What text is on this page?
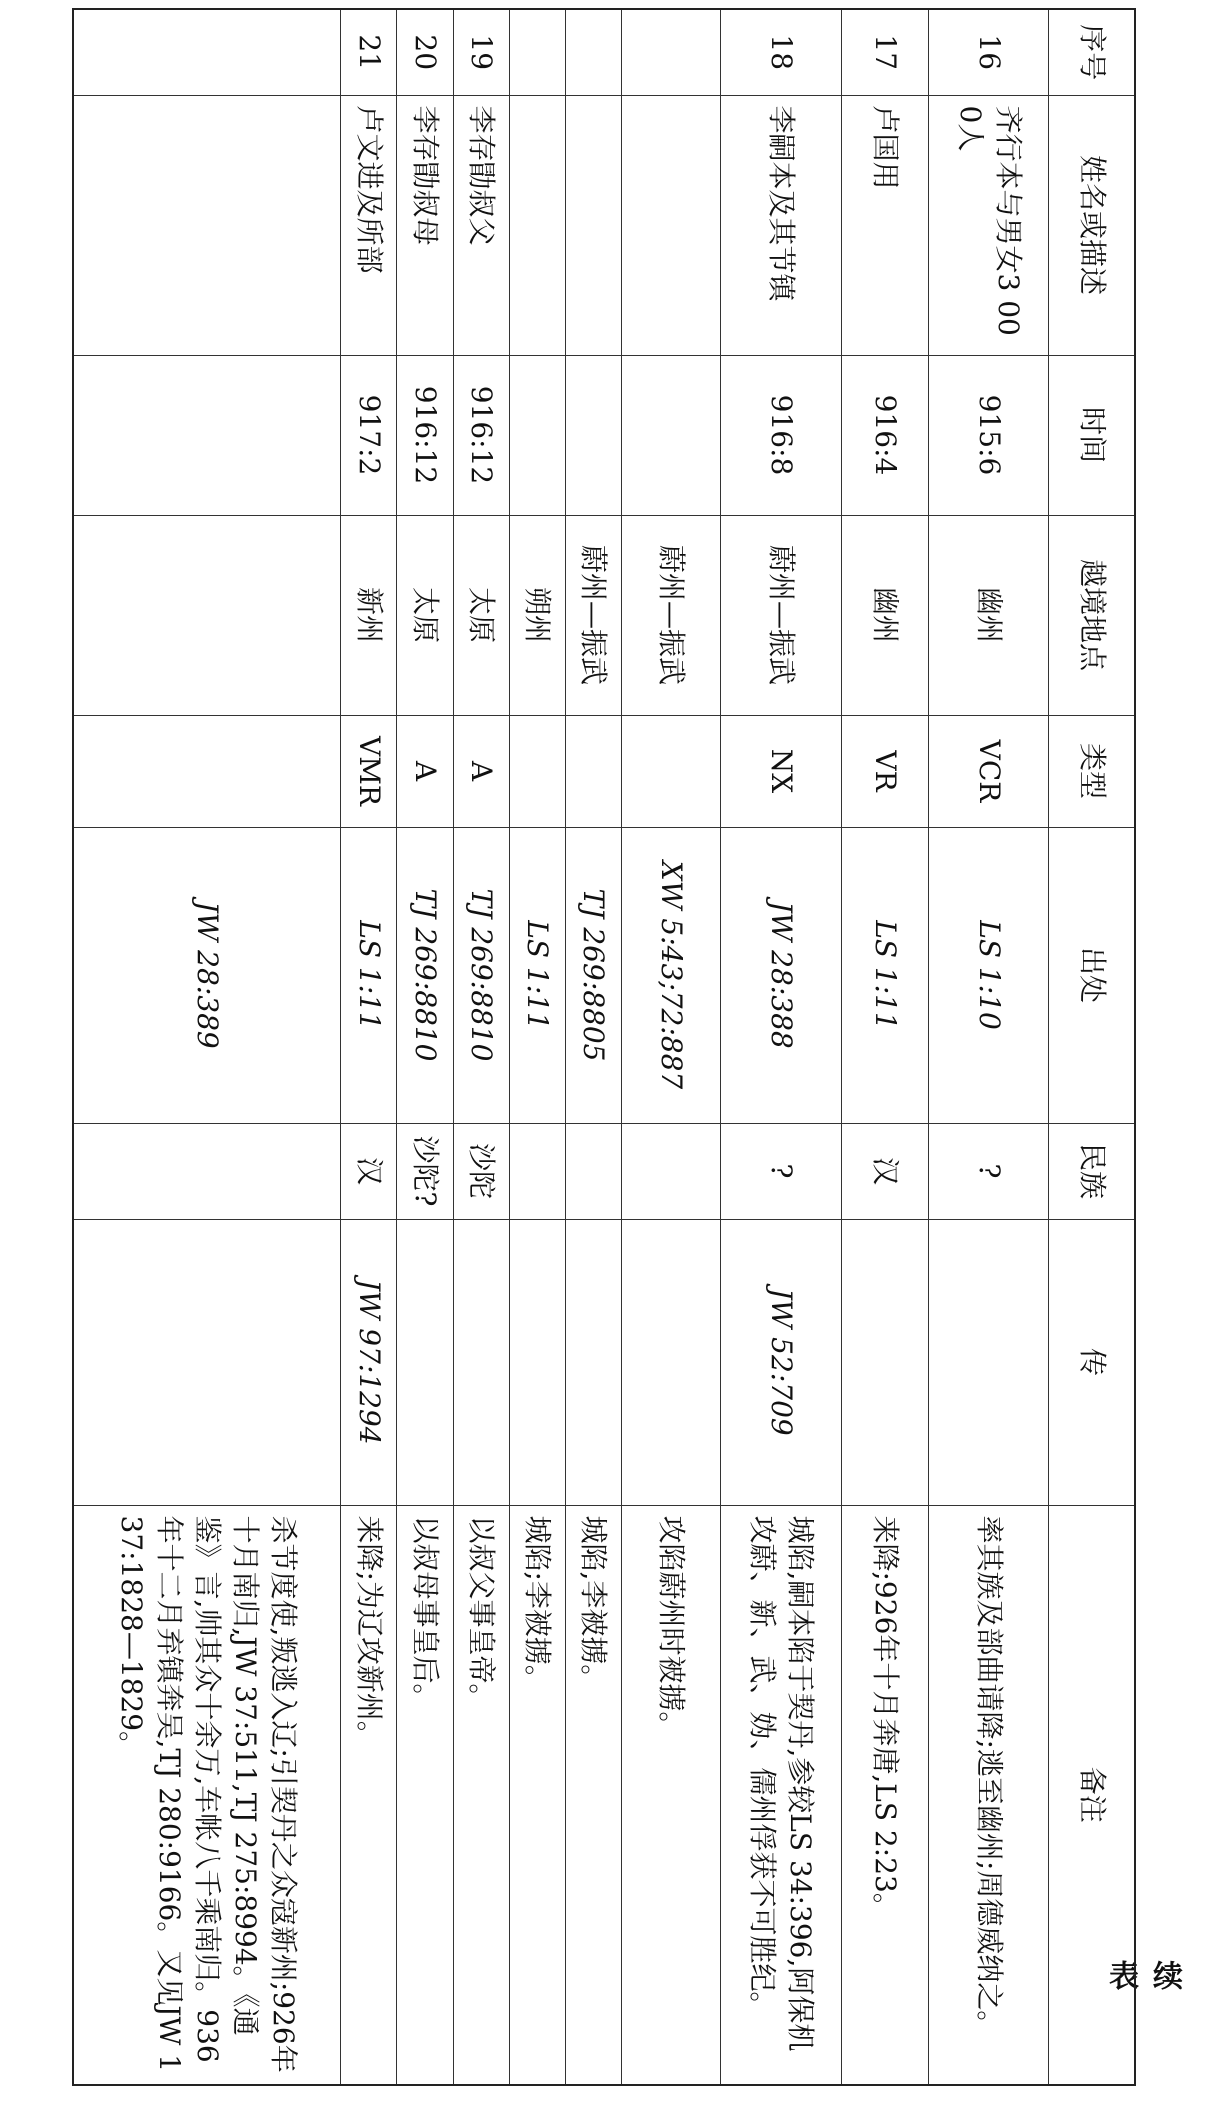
续 表
序号	姓名或描述	时间	越境地点	类型	出处	民族	传	备注
16	齐行本与男女3 000人	915:6	幽州	VCR	LS 1:10	?		率其族及部曲请降;逃至幽州;周德威纳之。
17	卢国用	916:4	幽州	VR	LS 1:11	汉		来降;926年十月奔唐,LS 2:23。
18	李嗣本及其节镇	916:8	蔚州—振武	NX	JW 28:388	?	JW 52:709	城陷,嗣本陷于契丹,参较LS 34:396,阿保机攻蔚、新、武、妫、儒州俘获不可胜纪。
			蔚州—振武		XW 5:43;72:887			攻陷蔚州时被掳。
			蔚州—振武		TJ 269:8805			城陷,李被掳。
			朔州		LS 1:11			城陷;李被掳。
19	李存勖叔父	916:12	太原	A	TJ 269:8810	沙陀		以叔父事皇帝。
20	李存勖叔母	916:12	太原	A	TJ 269:8810	沙陀?		以叔母事皇后。
21	卢文进及所部	917:2	新州	VMR	LS 1:11	汉	JW 97:1294	来降;为辽攻新州。
					JW 28:389			杀节度使,叛逃入辽;引契丹之众寇新州;926年十月南归,JW 37:511,TJ 275:8994。《通鉴》言,帅其众十余万,车帐八千乘南归。936年十二月弃镇奔吴,TJ 280:9166。又见JW 137:1828—1829。
